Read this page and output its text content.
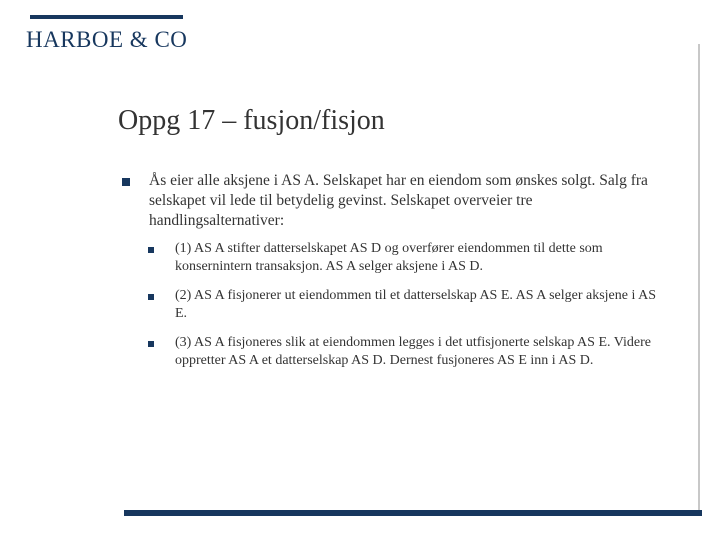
HARBOE & CO
Oppg 17 – fusjon/fisjon
Ås eier alle aksjene i AS A. Selskapet har en eiendom som ønskes solgt. Salg fra selskapet vil lede til betydelig gevinst. Selskapet overveier tre handlingsalternativer:
(1) AS A stifter datterselskapet AS D og overfører eiendommen til dette som konsernintern transaksjon. AS A selger aksjene i AS D.
(2) AS A fisjonerer ut eiendommen til et datterselskap AS E. AS A selger aksjene i AS E.
(3) AS A fisjoneres slik at eiendommen legges i det utfisjonerte selskap AS E. Videre oppretter AS A et datterselskap AS D. Dernest fusjoneres AS E inn i AS D.
